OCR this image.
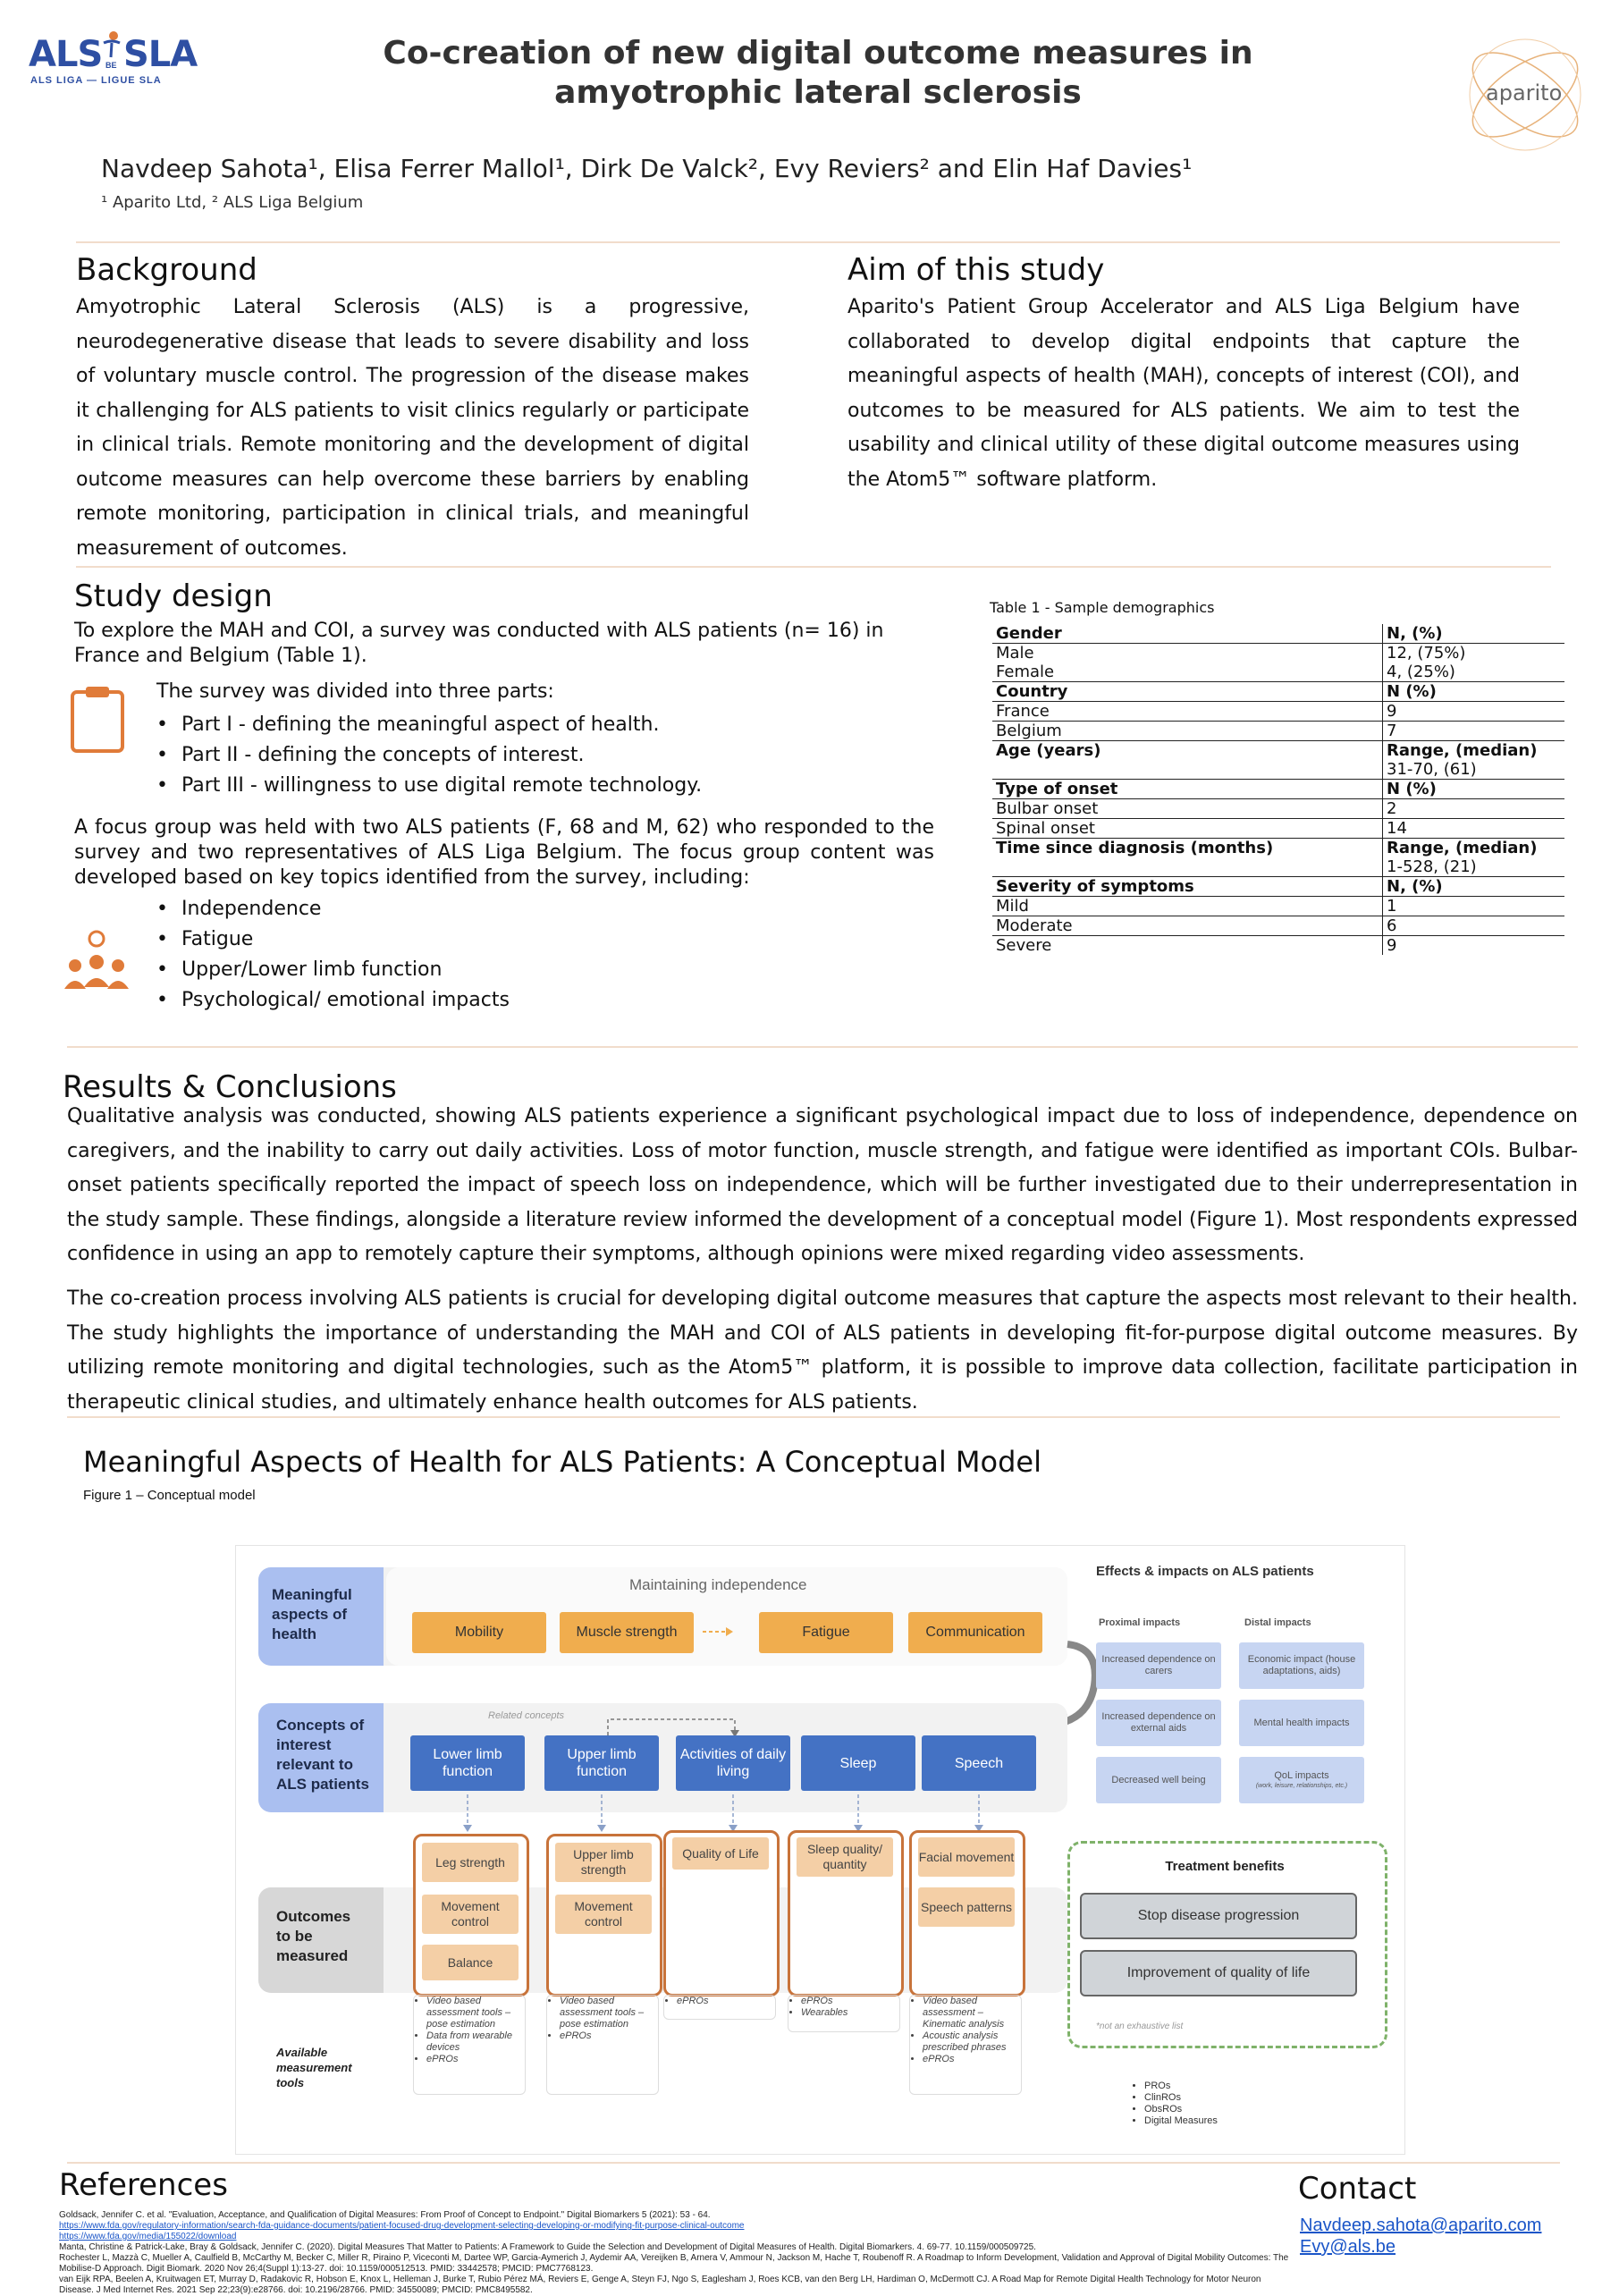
ALS BE SLA
ALS LIGA — LIGUE SLA
Co-creation of new digital outcome measures in
amyotrophic lateral sclerosis	aparito
Navdeep Sahota¹, Elisa Ferrer Mallol¹, Dirk De Valck², Evy Reviers² and Elin Haf Davies¹
¹ Aparito Ltd, ² ALS Liga Belgium
Background
Amyotrophic Lateral Sclerosis (ALS) is a progressive, neurodegenerative disease that leads to severe disability and loss of voluntary muscle control. The progression of the disease makes it challenging for ALS patients to visit clinics regularly or participate in clinical trials. Remote monitoring and the development of digital outcome measures can help overcome these barriers by enabling remote monitoring, participation in clinical trials, and meaningful measurement of outcomes.
Aim of this study
Aparito's Patient Group Accelerator and ALS Liga Belgium have collaborated to develop digital endpoints that capture the meaningful aspects of health (MAH), concepts of interest (COI), and outcomes to be measured for ALS patients. We aim to test the usability and clinical utility of these digital outcome measures using the Atom5™ software platform.
Study design
To explore the MAH and COI, a survey was conducted with ALS patients (n= 16) in France and Belgium (Table 1).
The survey was divided into three parts:
• Part I - defining the meaningful aspect of health.
• Part II - defining the concepts of interest.
• Part III - willingness to use digital remote technology.
A focus group was held with two ALS patients (F, 68 and M, 62) who responded to the survey and two representatives of ALS Liga Belgium. The focus group content was developed based on key topics identified from the survey, including:
• Independence
• Fatigue
• Upper/Lower limb function
• Psychological/ emotional impacts
Table 1 - Sample demographics
Gender	N, (%)
Male	12, (75%)
Female	4, (25%)
Country	N (%)
France	9
Belgium	7
Age (years)	Range, (median)
	31-70, (61)
Type of onset	N (%)
Bulbar onset	2
Spinal onset	14
Time since diagnosis (months)	Range, (median)
	1-528, (21)
Severity of symptoms	N, (%)
Mild	1
Moderate	6
Severe	9
Results & Conclusions
Qualitative analysis was conducted, showing ALS patients experience a significant psychological impact due to loss of independence, dependence on caregivers, and the inability to carry out daily activities. Loss of motor function, muscle strength, and fatigue were identified as important COIs. Bulbar-onset patients specifically reported the impact of speech loss on independence, which will be further investigated due to their underrepresentation in the study sample. These findings, alongside a literature review informed the development of a conceptual model (Figure 1). Most respondents expressed confidence in using an app to remotely capture their symptoms, although opinions were mixed regarding video assessments.
The co-creation process involving ALS patients is crucial for developing digital outcome measures that capture the aspects most relevant to their health. The study highlights the importance of understanding the MAH and COI of ALS patients in developing fit-for-purpose digital outcome measures. By utilizing remote monitoring and digital technologies, such as the Atom5™ platform, it is possible to improve data collection, facilitate participation in therapeutic clinical studies, and ultimately enhance health outcomes for ALS patients.
Meaningful Aspects of Health for ALS Patients: A Conceptual Model
Figure 1 – Conceptual model
Meaningful aspects of health
Maintaining independence
Mobility	Muscle strength	Fatigue	Communication
Concepts of interest relevant to ALS patients
Related concepts
Lower limb function
Upper limb function
Activities of daily living
Sleep	Speech
Outcomes to be measured
Leg strength
Movement control
Balance
Upper limb strength
Movement control
Quality of Life	Sleep quality/ quantity
Facial movement
Speech patterns
Available measurement tools
• Video based assessment tools – pose estimation
• Data from wearable devices
• ePROs
• Video based assessment tools – pose estimation
• ePROs
• ePROs	• ePROs
• Wearables
• Video based assessment – Kinematic analysis
• Acoustic analysis prescribed phrases
• ePROs
Effects & impacts on ALS patients
Proximal impacts	Distal impacts
Increased dependence on carers
Increased dependence on external aids
Decreased well being
Economic impact (house adaptations, aids)
Mental health impacts
QoL impacts
(work, leisure, relationships, etc.)
Treatment benefits
Stop disease progression
Improvement of quality of life
*not an exhaustive list
• PROs
• ClinROs
• ObsROs
• Digital Measures
References
Goldsack, Jennifer C. et al. "Evaluation, Acceptance, and Qualification of Digital Measures: From Proof of Concept to Endpoint." Digital Biomarkers 5 (2021): 53 - 64.
https://www.fda.gov/regulatory-information/search-fda-guidance-documents/patient-focused-drug-development-selecting-developing-or-modifying-fit-purpose-clinical-outcome
https://www.fda.gov/media/155022/download
Manta, Christine & Patrick-Lake, Bray & Goldsack, Jennifer C. (2020). Digital Measures That Matter to Patients: A Framework to Guide the Selection and Development of Digital Measures of Health. Digital Biomarkers. 4. 69-77. 10.1159/000509725.
Rochester L, Mazzà C, Mueller A, Caulfield B, McCarthy M, Becker C, Miller R, Piraino P, Viceconti M, Dartee WP, Garcia-Aymerich J, Aydemir AA, Vereijken B, Arnera V, Ammour N, Jackson M, Hache T, Roubenoff R. A Roadmap to Inform Development, Validation and Approval of Digital Mobility Outcomes: The Mobilise-D Approach. Digit Biomark. 2020 Nov 26;4(Suppl 1):13-27. doi: 10.1159/000512513. PMID: 33442578; PMCID: PMC7768123.
van Eijk RPA, Beelen A, Kruitwagen ET, Murray D, Radakovic R, Hobson E, Knox L, Helleman J, Burke T, Rubio Pérez MÁ, Reviers E, Genge A, Steyn FJ, Ngo S, Eaglesham J, Roes KCB, van den Berg LH, Hardiman O, McDermott CJ. A Road Map for Remote Digital Health Technology for Motor Neuron Disease. J Med Internet Res. 2021 Sep 22;23(9):e28766. doi: 10.2196/28766. PMID: 34550089; PMCID: PMC8495582.
Contact
Navdeep.sahota@aparito.com
Evy@als.be
